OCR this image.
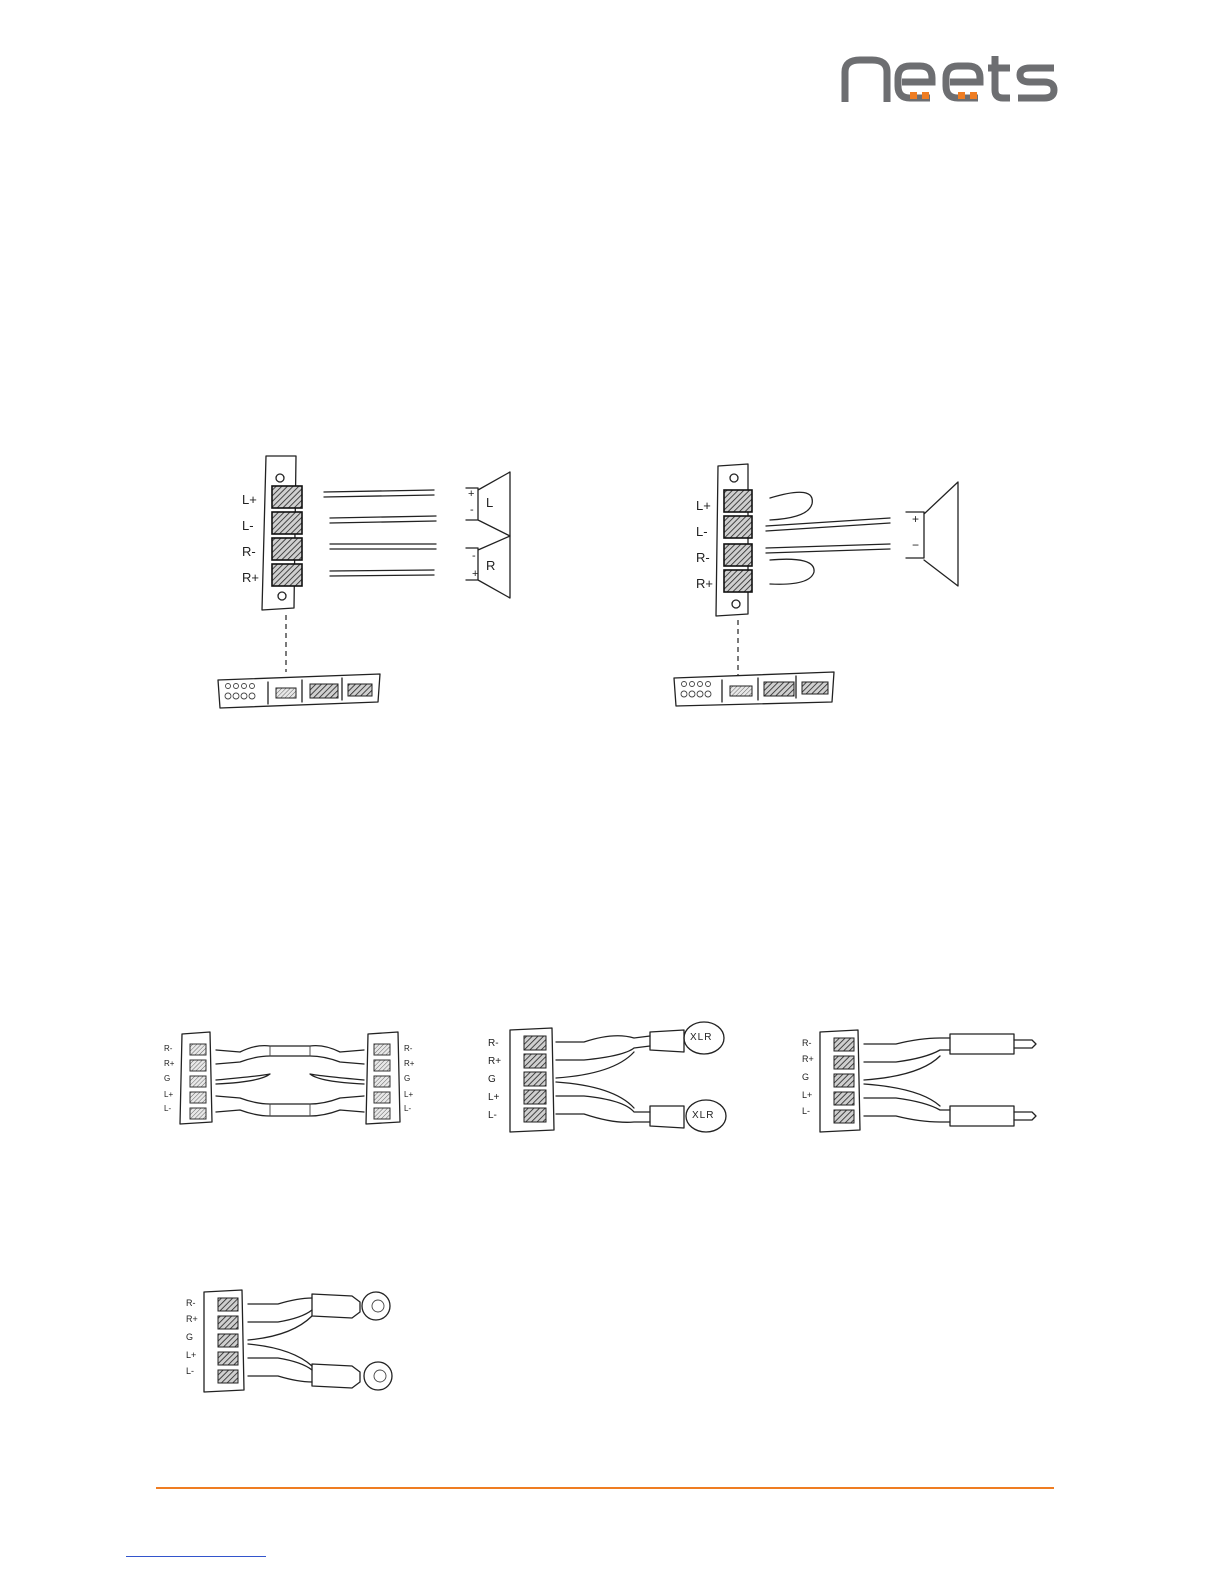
L+
L-
R-
R+
+
- L
-
+
R
L+
L-
R-
R+
+
−
R-
R+
G
L+
L-
R-
R+
G
L+
L-
XLR
XLR
R-
R+
G
L+
L-
R-
R+
G
L+
L-
R-
R+
G
L+
L-
